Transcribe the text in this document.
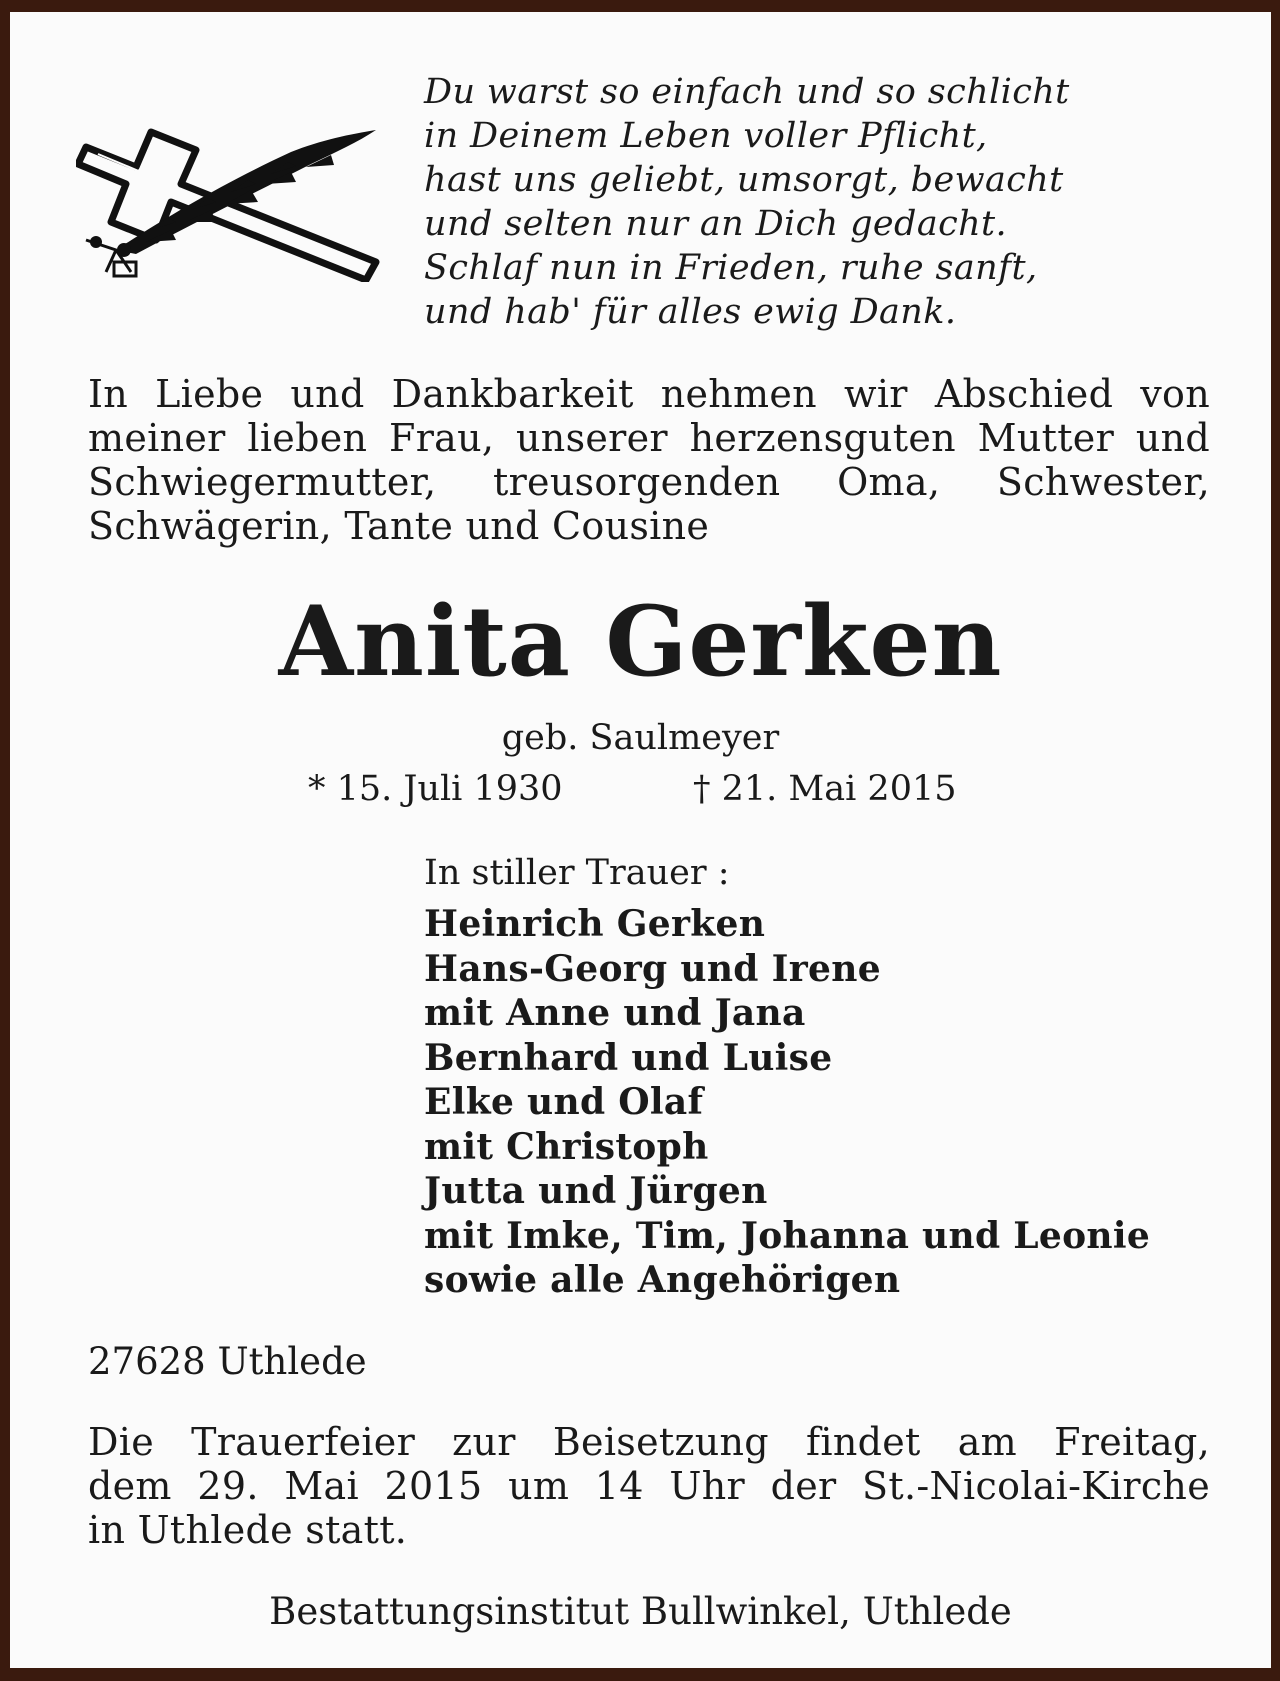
Du warst so einfach und so schlicht
in Deinem Leben voller Pflicht,
hast uns geliebt, umsorgt, bewacht
und selten nur an Dich gedacht.
Schlaf nun in Frieden, ruhe sanft,
und hab' für alles ewig Dank.
In Liebe und Dankbarkeit nehmen wir Abschied von
meiner lieben Frau, unserer herzensguten Mutter und
Schwiegermutter, treusorgenden Oma, Schwester,
Schwägerin, Tante und Cousine
Anita Gerken
geb. Saulmeyer
* 15. Juli 1930	† 21. Mai 2015
In stiller Trauer :
Heinrich Gerken
Hans-Georg und Irene
mit Anne und Jana
Bernhard und Luise
Elke und Olaf
mit Christoph
Jutta und Jürgen
mit Imke, Tim, Johanna und Leonie
sowie alle Angehörigen
27628 Uthlede
Die Trauerfeier zur Beisetzung findet am Freitag,
dem 29. Mai 2015 um 14 Uhr der St.-Nicolai-Kirche
in Uthlede statt.
Bestattungsinstitut Bullwinkel, Uthlede
